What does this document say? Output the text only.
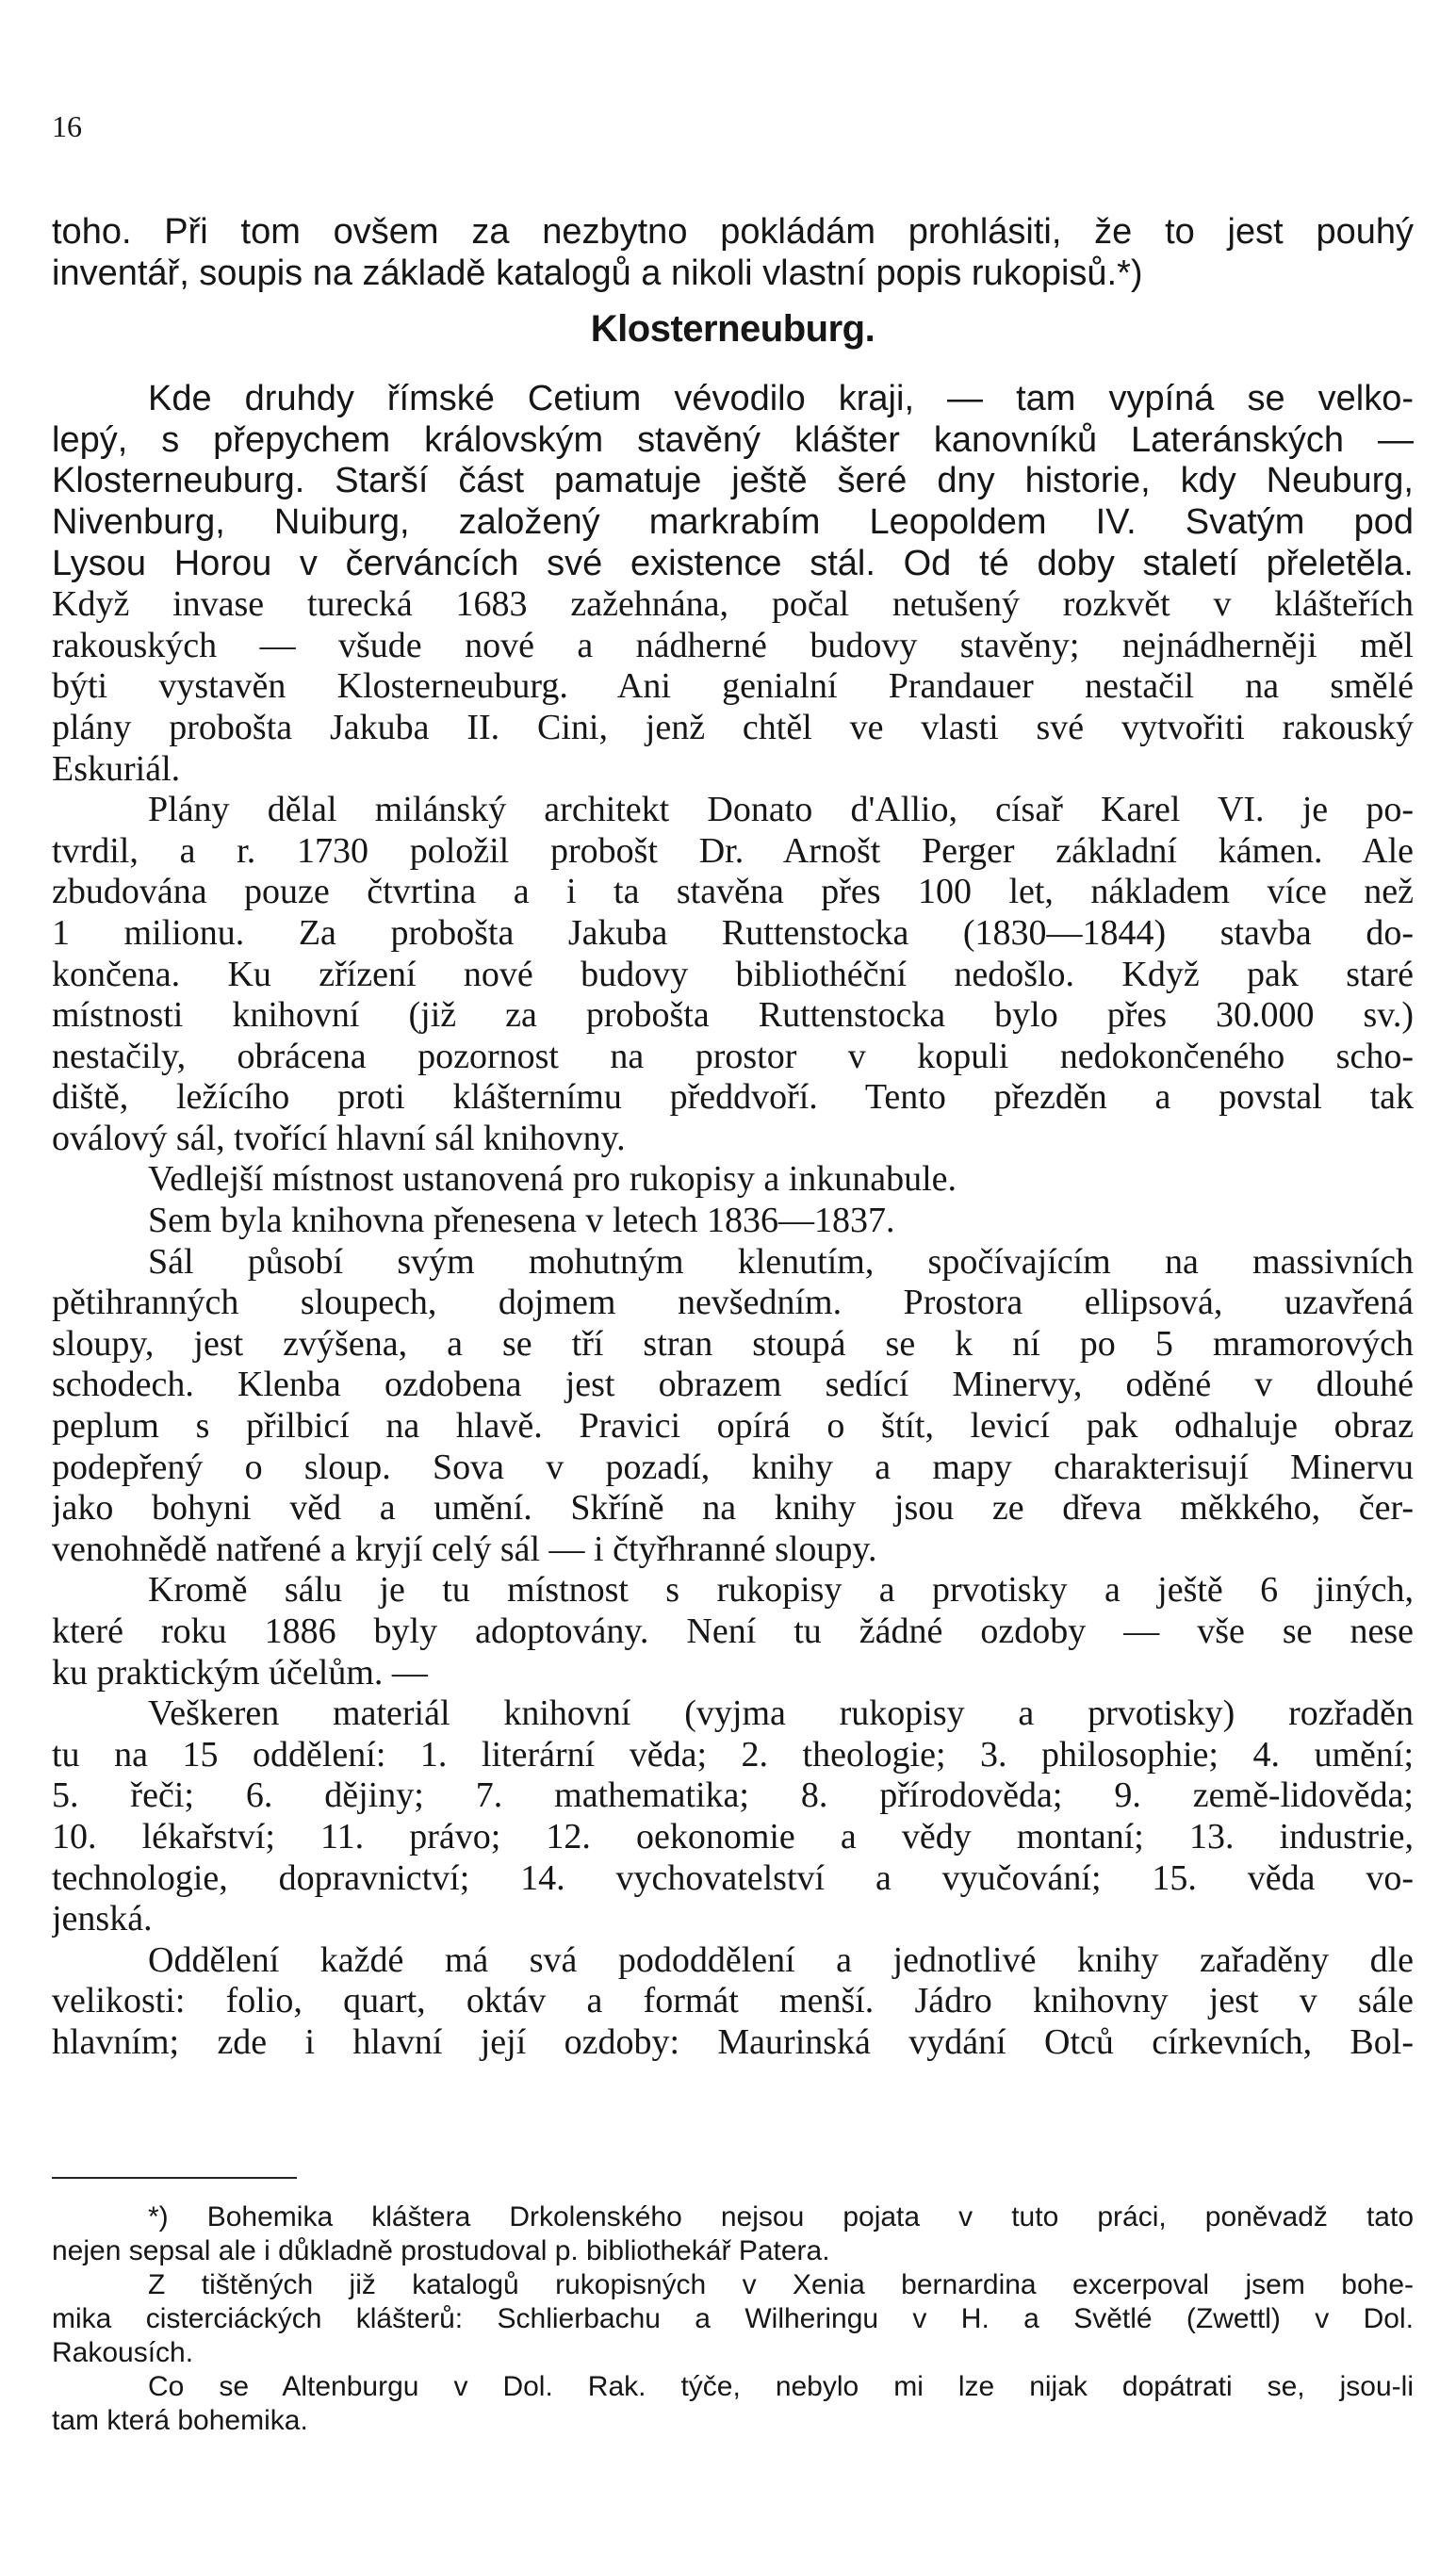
16
toho. Při tom ovšem za nezbytno pokládám prohlásiti, že to jest pouhý
inventář, soupis na základě katalogů a nikoli vlastní popis rukopisů.*)
Klosterneuburg.
Kde druhdy římské Cetium vévodilo kraji, — tam vypíná se velko-
lepý, s přepychem královským stavěný klášter kanovníků Lateránských —
Klosterneuburg. Starší část pamatuje ještě šeré dny historie, kdy Neuburg,
Nivenburg, Nuiburg, založený markrabím Leopoldem IV. Svatým pod
Lysou Horou v červáncích své existence stál. Od té doby staletí přeletěla.
Když invase turecká 1683 zažehnána, počal netušený rozkvět v klášteřích
rakouských — všude nové a nádherné budovy stavěny; nejnádherněji měl
býti vystavěn Klosterneuburg. Ani genialní Prandauer nestačil na smělé
plány probošta Jakuba II. Cini, jenž chtěl ve vlasti své vytvořiti rakouský
Eskuriál.
Plány dělal milánský architekt Donato d'Allio, císař Karel VI. je po-
tvrdil, a r. 1730 položil probošt Dr. Arnošt Perger základní kámen. Ale
zbudována pouze čtvrtina a i ta stavěna přes 100 let, nákladem více než
1 milionu. Za probošta Jakuba Ruttenstocka (1830—1844) stavba do-
končena. Ku zřízení nové budovy bibliothéční nedošlo. Když pak staré
místnosti knihovní (již za probošta Ruttenstocka bylo přes 30.000 sv.)
nestačily, obrácena pozornost na prostor v kopuli nedokončeného scho-
diště, ležícího proti klášternímu předdvoří. Tento přezděn a povstal tak
oválový sál, tvořící hlavní sál knihovny.
Vedlejší místnost ustanovená pro rukopisy a inkunabule.
Sem byla knihovna přenesena v letech 1836—1837.
Sál působí svým mohutným klenutím, spočívajícím na massivních
pětihranných sloupech, dojmem nevšedním. Prostora ellipsová, uzavřená
sloupy, jest zvýšena, a se tří stran stoupá se k ní po 5 mramorových
schodech. Klenba ozdobena jest obrazem sedící Minervy, oděné v dlouhé
peplum s přilbicí na hlavě. Pravici opírá o štít, levicí pak odhaluje obraz
podepřený o sloup. Sova v pozadí, knihy a mapy charakterisují Minervu
jako bohyni věd a umění. Skříně na knihy jsou ze dřeva měkkého, čer-
venohnědě natřené a kryjí celý sál — i čtyřhranné sloupy.
Kromě sálu je tu místnost s rukopisy a prvotisky a ještě 6 jiných,
které roku 1886 byly adoptovány. Není tu žádné ozdoby — vše se nese
ku praktickým účelům. —
Veškeren materiál knihovní (vyjma rukopisy a prvotisky) rozřaděn
tu na 15 oddělení: 1. literární věda; 2. theologie; 3. philosophie; 4. umění;
5. řeči; 6. dějiny; 7. mathematika; 8. přírodověda; 9. země-lidověda;
10. lékařství; 11. právo; 12. oekonomie a vědy montaní; 13. industrie,
technologie, dopravnictví; 14. vychovatelství a vyučování; 15. věda vo-
jenská.
Oddělení každé má svá pododdělení a jednotlivé knihy zařaděny dle
velikosti: folio, quart, oktáv a formát menší. Jádro knihovny jest v sále
hlavním; zde i hlavní její ozdoby: Maurinská vydání Otců církevních, Bol-
*) Bohemika kláštera Drkolenského nejsou pojata v tuto práci, poněvadž tato
nejen sepsal ale i důkladně prostudoval p. bibliothekář Patera.
Z tištěných již katalogů rukopisných v Xenia bernardina excerpoval jsem bohe-
mika cisterciáckých klášterů: Schlierbachu a Wilheringu v H. a Světlé (Zwettl) v Dol.
Rakousích.
Co se Altenburgu v Dol. Rak. týče, nebylo mi lze nijak dopátrati se, jsou-li
tam která bohemika.
